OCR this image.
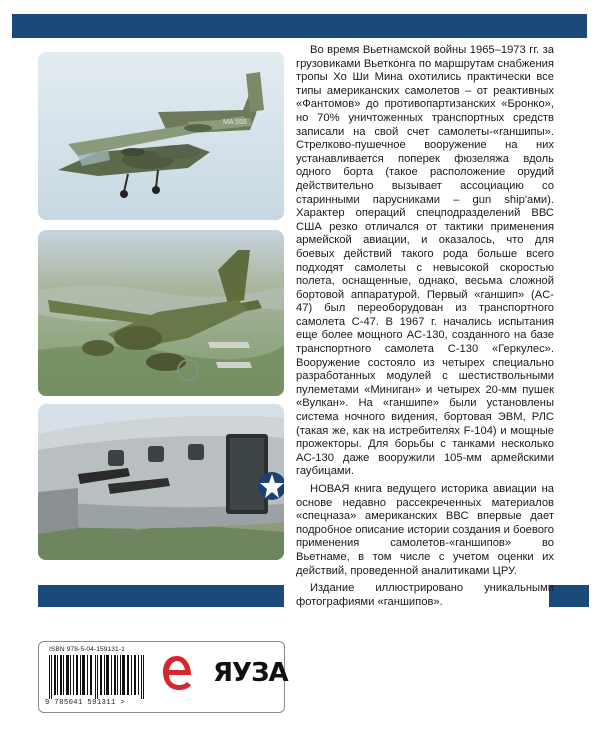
MA 555

Во время Вьетнамской войны 1965–1973 гг. за грузовиками Вьетконга по маршрутам снабжения тропы Хо Ши Мина охотились практически все типы американских самолетов – от реактивных «Фантомов» до противопартизанских «Бронко», но 70% уничтоженных транспортных средств записали на свой счет самолеты-«ганшипы». Стрелково-пушечное вооружение на них устанавливается поперек фюзеляжа вдоль одного борта (такое расположение орудий действительно вызывает ассоциацию со старинными парусниками – gun ship'ами). Характер операций спецподразделений ВВС США резко отличался от тактики применения армейской авиации, и оказалось, что для боевых действий такого рода больше всего подходят самолеты с невысокой скоростью полета, оснащенные, однако, весьма сложной бортовой аппаратурой. Первый «ганшип» (AC-47) был переоборудован из транспортного самолета C-47. В 1967 г. начались испытания еще более мощного AC-130, созданного на базе транспортного самолета C-130 «Геркулес». Вооружение состояло из четырех специально разработанных модулей с шестиствольными пулеметами «Миниган» и четырех 20-мм пушек «Вулкан». На «ганшипе» были установлены система ночного видения, бортовая ЭВМ, РЛС (такая же, как на истребителях F-104) и мощные прожекторы. Для борьбы с танками несколько AC-130 даже вооружили 105-мм армейскими гаубицами.

НОВАЯ книга ведущего историка авиации на основе недавно рассекреченных материалов «спецназа» американских ВВС впервые дает подробное описание истории создания и боевого применения самолетов-«ганшипов» во Вьетнаме, в том числе с учетом оценки их действий, проведенной аналитиками ЦРУ.

Издание иллюстрировано уникальными фотографиями «ганшипов».

ISBN 978-5-04-159131-1
9 785041 591311 >
ЯУЗА
